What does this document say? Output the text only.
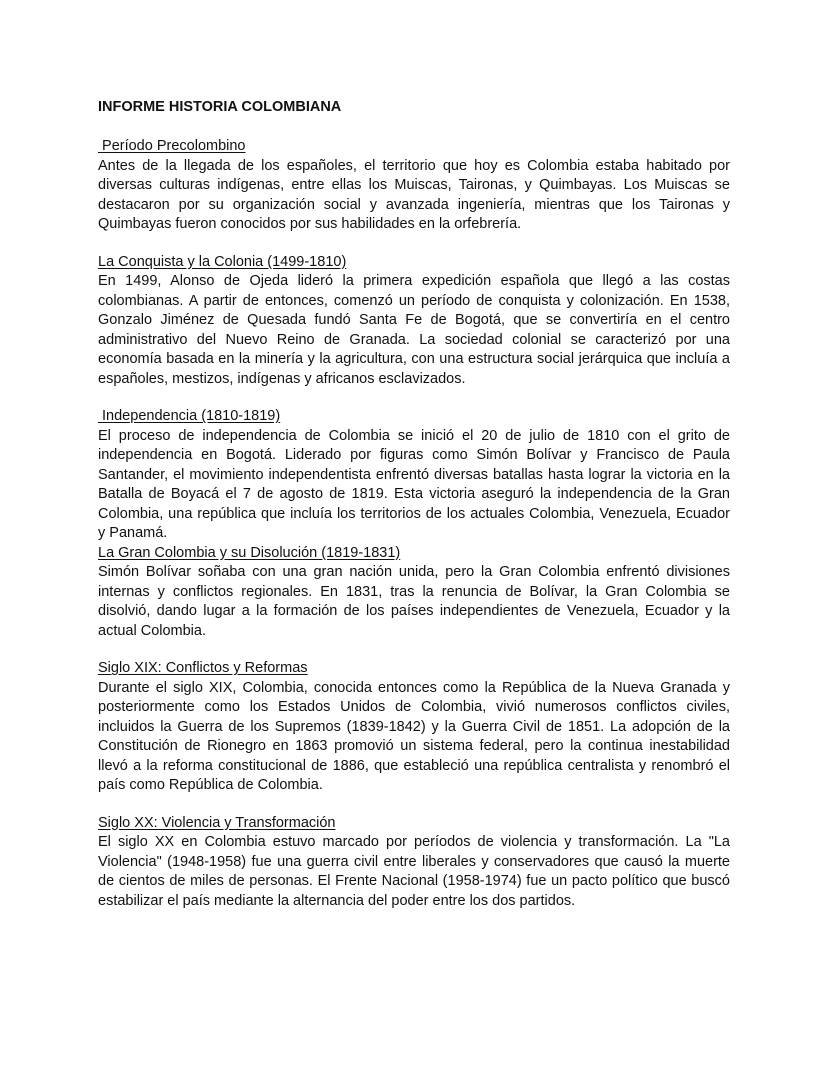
INFORME HISTORIA COLOMBIANA
Período Precolombino

Antes de la llegada de los españoles, el territorio que hoy es Colombia estaba habitado por diversas culturas indígenas, entre ellas los Muiscas, Taironas, y Quimbayas. Los Muiscas se destacaron por su organización social y avanzada ingeniería, mientras que los Taironas y Quimbayas fueron conocidos por sus habilidades en la orfebrería.

La Conquista y la Colonia (1499-1810)

En 1499, Alonso de Ojeda lideró la primera expedición española que llegó a las costas colombianas. A partir de entonces, comenzó un período de conquista y colonización. En 1538, Gonzalo Jiménez de Quesada fundó Santa Fe de Bogotá, que se convertiría en el centro administrativo del Nuevo Reino de Granada. La sociedad colonial se caracterizó por una economía basada en la minería y la agricultura, con una estructura social jerárquica que incluía a españoles, mestizos, indígenas y africanos esclavizados.

Independencia (1810-1819)

El proceso de independencia de Colombia se inició el 20 de julio de 1810 con el grito de independencia en Bogotá. Liderado por figuras como Simón Bolívar y Francisco de Paula Santander, el movimiento independentista enfrentó diversas batallas hasta lograr la victoria en la Batalla de Boyacá el 7 de agosto de 1819. Esta victoria aseguró la independencia de la Gran Colombia, una república que incluía los territorios de los actuales Colombia, Venezuela, Ecuador y Panamá.

La Gran Colombia y su Disolución (1819-1831)

Simón Bolívar soñaba con una gran nación unida, pero la Gran Colombia enfrentó divisiones internas y conflictos regionales. En 1831, tras la renuncia de Bolívar, la Gran Colombia se disolvió, dando lugar a la formación de los países independientes de Venezuela, Ecuador y la actual Colombia.

Siglo XIX: Conflictos y Reformas

Durante el siglo XIX, Colombia, conocida entonces como la República de la Nueva Granada y posteriormente como los Estados Unidos de Colombia, vivió numerosos conflictos civiles, incluidos la Guerra de los Supremos (1839-1842) y la Guerra Civil de 1851. La adopción de la Constitución de Rionegro en 1863 promovió un sistema federal, pero la continua inestabilidad llevó a la reforma constitucional de 1886, que estableció una república centralista y renombró el país como República de Colombia.

Siglo XX: Violencia y Transformación

El siglo XX en Colombia estuvo marcado por períodos de violencia y transformación. La "La Violencia" (1948-1958) fue una guerra civil entre liberales y conservadores que causó la muerte de cientos de miles de personas. El Frente Nacional (1958-1974) fue un pacto político que buscó estabilizar el país mediante la alternancia del poder entre los dos partidos.
